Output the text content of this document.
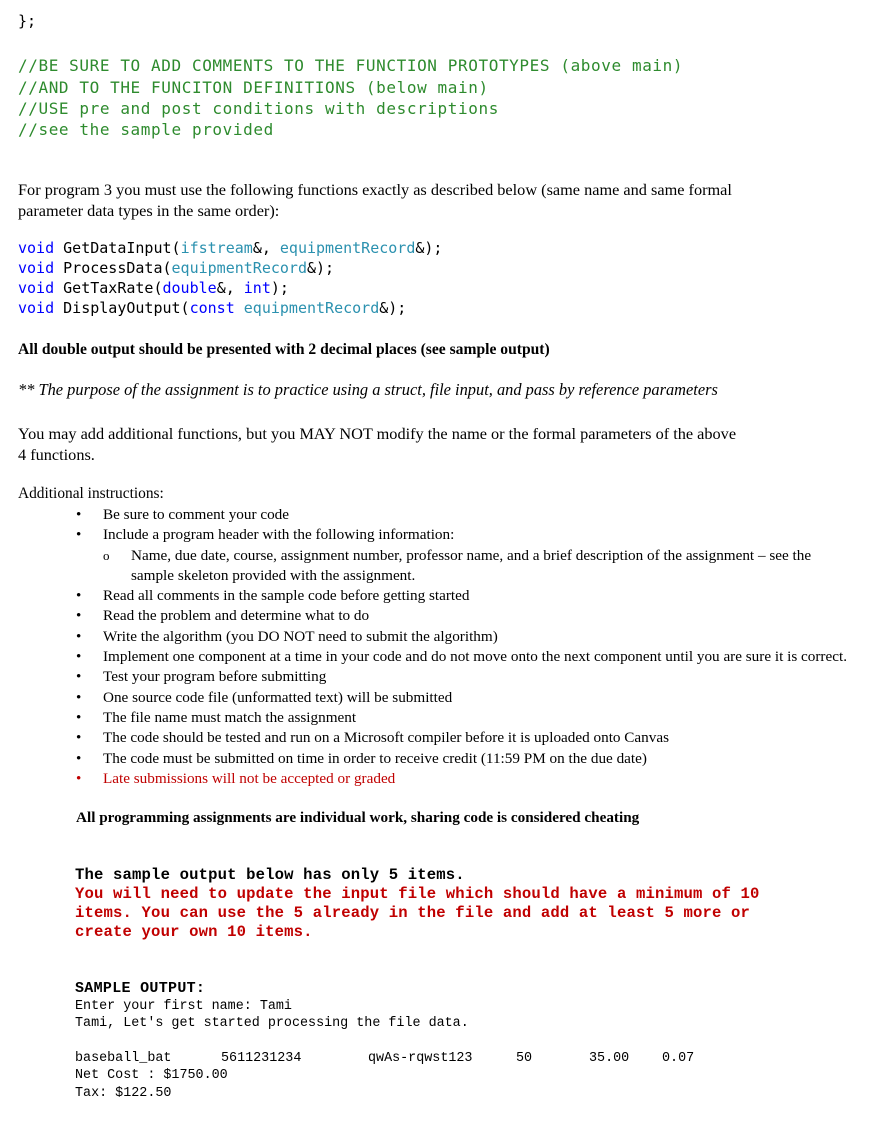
};
//BE SURE TO ADD COMMENTS TO THE FUNCTION PROTOTYPES (above main)
//AND TO THE FUNCITON DEFINITIONS (below main)
//USE pre and post conditions with descriptions
//see the sample provided
For program 3 you must use the following functions exactly as described below (same name and same formal
parameter data types in the same order):
void GetDataInput(ifstream&, equipmentRecord&);
void ProcessData(equipmentRecord&);
void GetTaxRate(double&, int);
void DisplayOutput(const equipmentRecord&);
All double output should be presented with 2 decimal places (see sample output)
** The purpose of the assignment is to practice using a struct, file input, and pass by reference parameters
You may add additional functions, but you MAY NOT modify the name or the formal parameters of the above
4 functions.
Additional instructions:
• Be sure to comment your code
• Include a program header with the following information:
o Name, due date, course, assignment number, professor name, and a brief description of the assignment – see the sample skeleton provided with the assignment.
• Read all comments in the sample code before getting started
• Read the problem and determine what to do
• Write the algorithm (you DO NOT need to submit the algorithm)
• Implement one component at a time in your code and do not move onto the next component until you are sure it is correct.
• Test your program before submitting
• One source code file (unformatted text) will be submitted
• The file name must match the assignment
• The code should be tested and run on a Microsoft compiler before it is uploaded onto Canvas
• The code must be submitted on time in order to receive credit (11:59 PM on the due date)
• Late submissions will not be accepted or graded
All programming assignments are individual work, sharing code is considered cheating
The sample output below has only 5 items.
You will need to update the input file which should have a minimum of 10
items. You can use the 5 already in the file and add at least 5 more or
create your own 10 items.
SAMPLE OUTPUT:
Enter your first name: Tami
Tami, Let's get started processing the file data.
baseball_bat	5611231234	qwAs-rqwst123	50	35.00 0.07
Net Cost : $1750.00
Tax: $122.50
